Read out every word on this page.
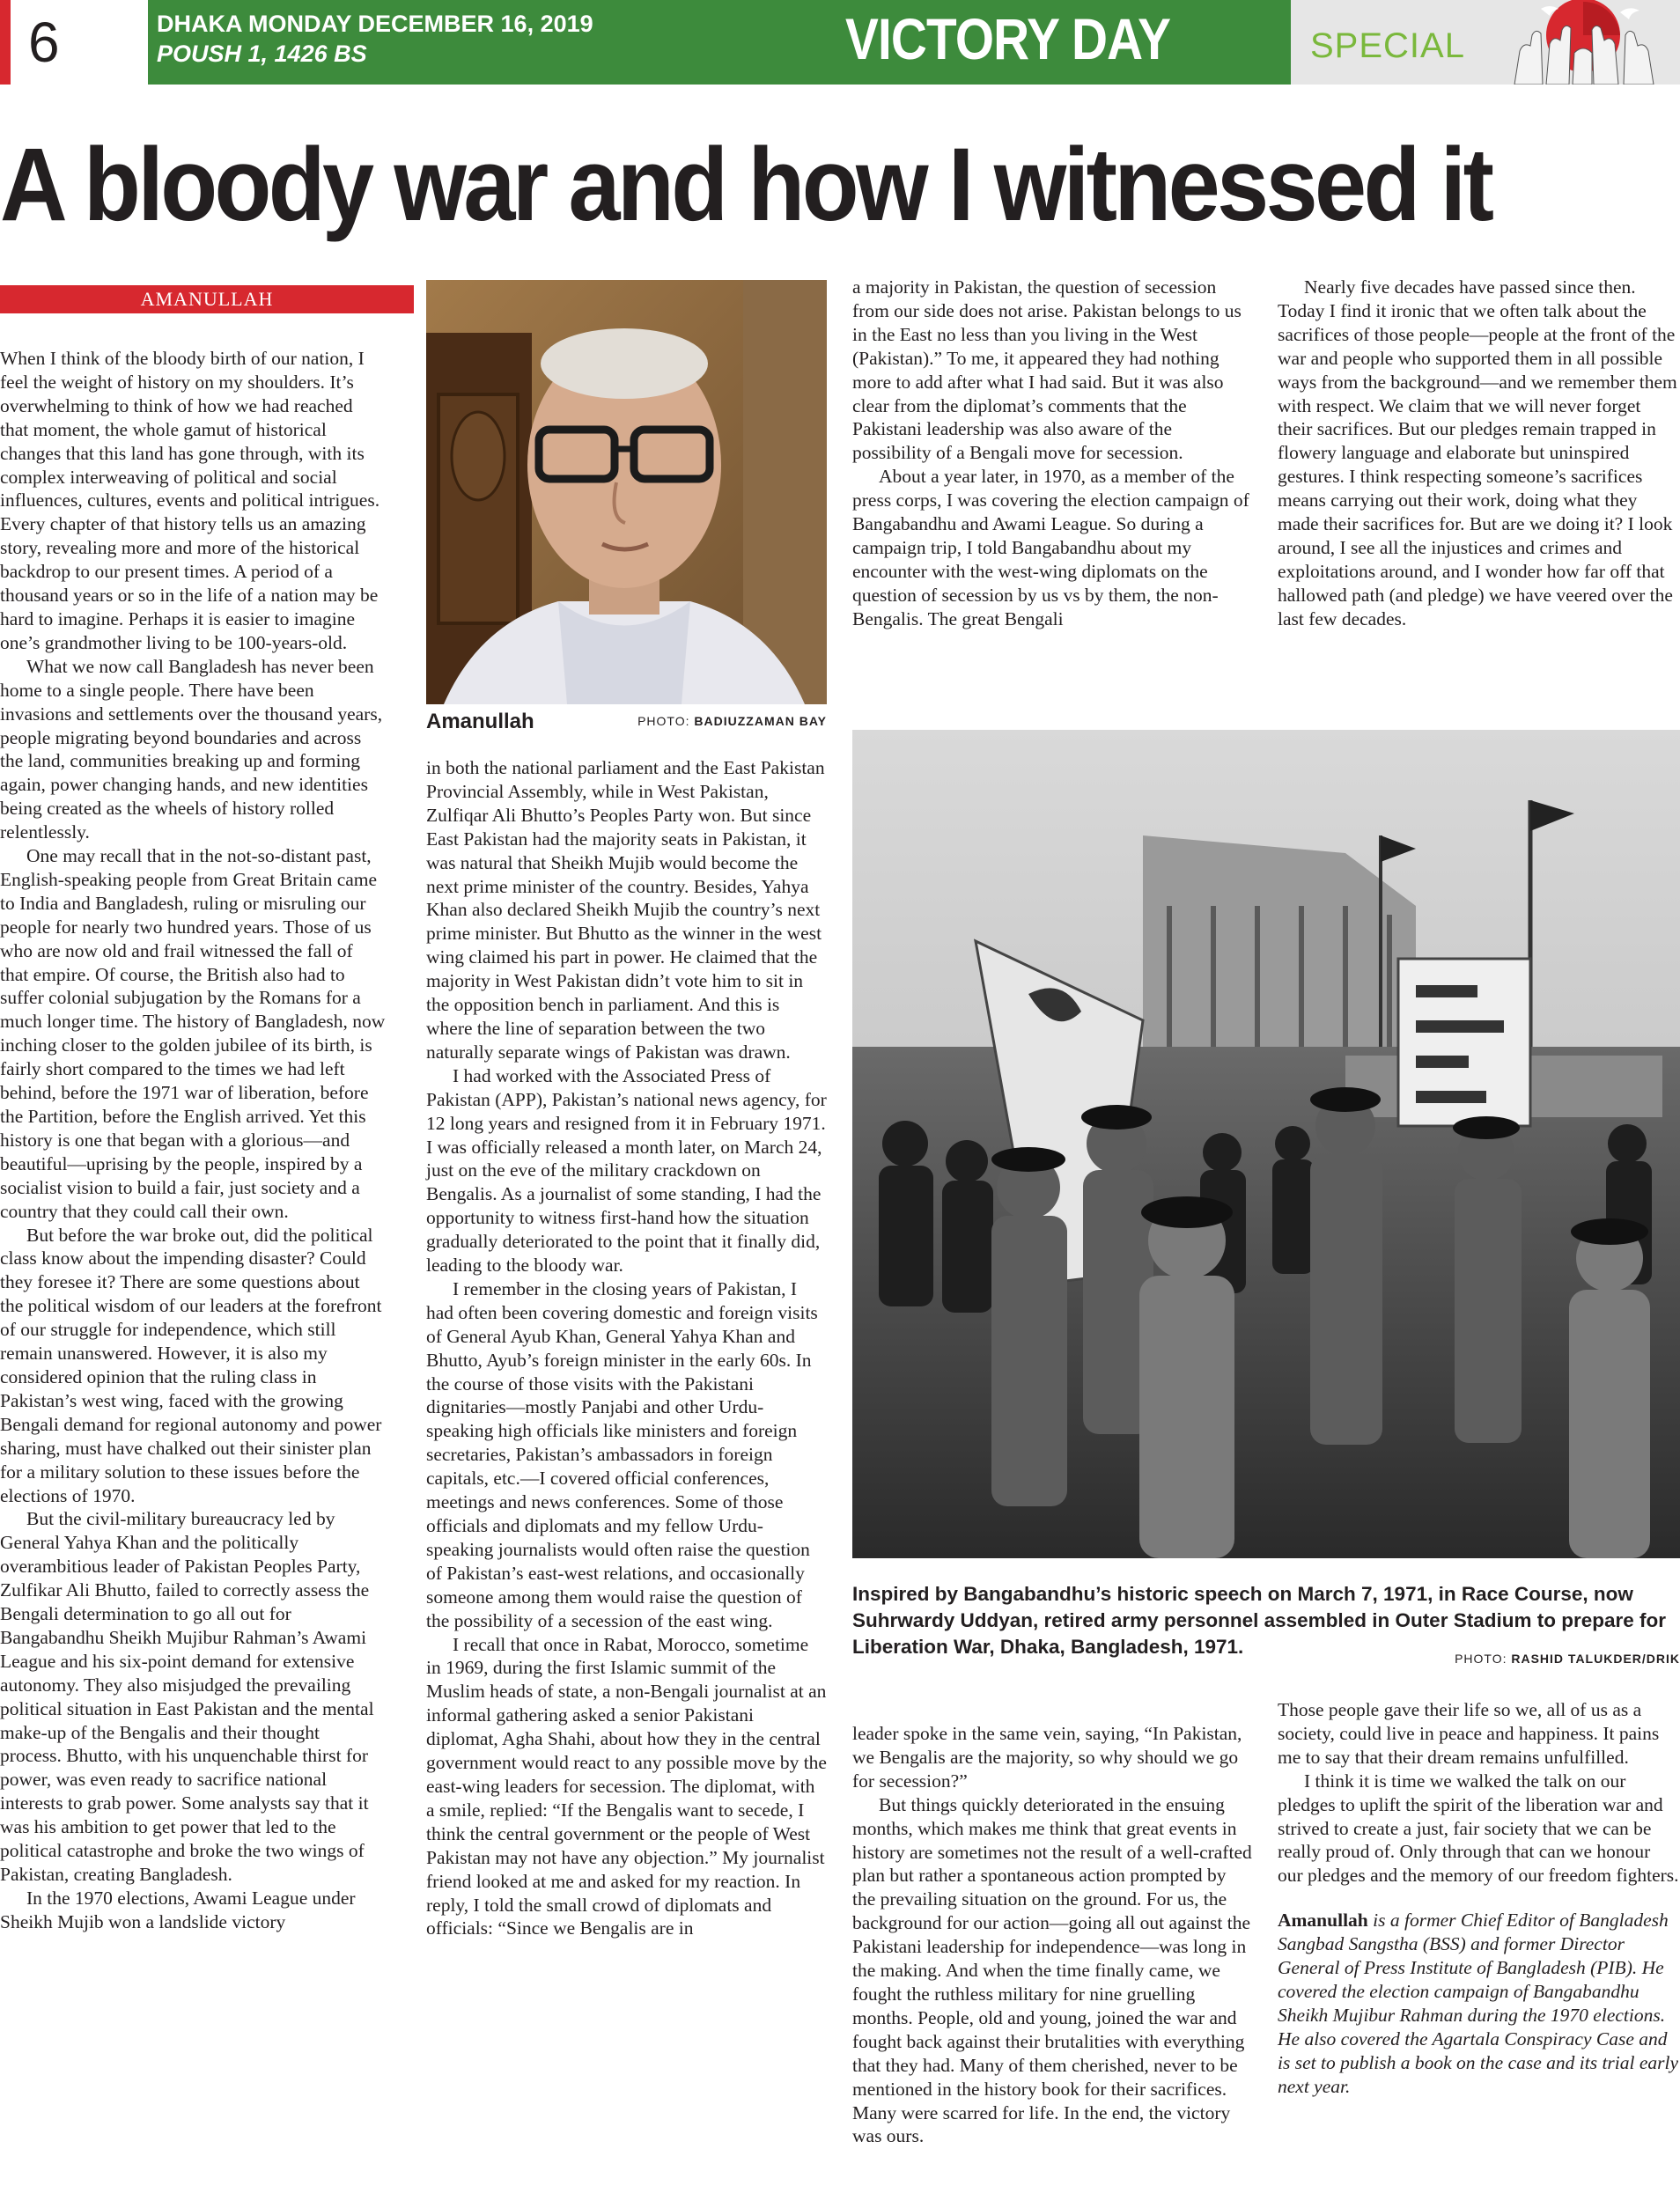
6	DHAKA MONDAY DECEMBER 16, 2019
POUSH 1, 1426 BS	VICTORY DAY	SPECIAL
A bloody war and how I witnessed it
AMANULLAH

When I think of the bloody birth of our nation, I feel the weight of history on my shoulders. It’s overwhelming to think of how we had reached that moment, the whole gamut of historical changes that this land has gone through, with its complex interweaving of political and social influences, cultures, events and political intrigues. Every chapter of that history tells us an amazing story, revealing more and more of the historical backdrop to our present times. A period of a thousand years or so in the life of a nation may be hard to imagine. Perhaps it is easier to imagine one’s grandmother living to be 100-years-old.

What we now call Bangladesh has never been home to a single people. There have been invasions and settlements over the thousand years, people migrating beyond boundaries and across the land, communities breaking up and forming again, power changing hands, and new identities being created as the wheels of history rolled relentlessly.

One may recall that in the not-so-distant past, English-speaking people from Great Britain came to India and Bangladesh, ruling or misruling our people for nearly two hundred years. Those of us who are now old and frail witnessed the fall of that empire. Of course, the British also had to suffer colonial subjugation by the Romans for a much longer time. The history of Bangladesh, now inching closer to the golden jubilee of its birth, is fairly short compared to the times we had left behind, before the 1971 war of liberation, before the Partition, before the English arrived. Yet this history is one that began with a glorious—and beautiful—uprising by the people, inspired by a socialist vision to build a fair, just society and a country that they could call their own.

But before the war broke out, did the political class know about the impending disaster? Could they foresee it? There are some questions about the political wisdom of our leaders at the forefront of our struggle for independence, which still remain unanswered. However, it is also my considered opinion that the ruling class in Pakistan’s west wing, faced with the growing Bengali demand for regional autonomy and power sharing, must have chalked out their sinister plan for a military solution to these issues before the elections of 1970.

But the civil-military bureaucracy led by General Yahya Khan and the politically overambitious leader of Pakistan Peoples Party, Zulfikar Ali Bhutto, failed to correctly assess the Bengali determination to go all out for Bangabandhu Sheikh Mujibur Rahman’s Awami League and his six-point demand for extensive autonomy. They also misjudged the prevailing political situation in East Pakistan and the mental make-up of the Bengalis and their thought process. Bhutto, with his unquenchable thirst for power, was even ready to sacrifice national interests to grab power. Some analysts say that it was his ambition to get power that led to the political catastrophe and broke the two wings of Pakistan, creating Bangladesh.

In the 1970 elections, Awami League under Sheikh Mujib won a landslide victory

Amanullah	PHOTO: BADIUZZAMAN BAY

in both the national parliament and the East Pakistan Provincial Assembly, while in West Pakistan, Zulfiqar Ali Bhutto’s Peoples Party won. But since East Pakistan had the majority seats in Pakistan, it was natural that Sheikh Mujib would become the next prime minister of the country. Besides, Yahya Khan also declared Sheikh Mujib the country’s next prime minister. But Bhutto as the winner in the west wing claimed his part in power. He claimed that the majority in West Pakistan didn’t vote him to sit in the opposition bench in parliament. And this is where the line of separation between the two naturally separate wings of Pakistan was drawn.

I had worked with the Associated Press of Pakistan (APP), Pakistan’s national news agency, for 12 long years and resigned from it in February 1971. I was officially released a month later, on March 24, just on the eve of the military crackdown on Bengalis. As a journalist of some standing, I had the opportunity to witness first-hand how the situation gradually deteriorated to the point that it finally did, leading to the bloody war.

I remember in the closing years of Pakistan, I had often been covering domestic and foreign visits of General Ayub Khan, General Yahya Khan and Bhutto, Ayub’s foreign minister in the early 60s. In the course of those visits with the Pakistani dignitaries—mostly Panjabi and other Urdu-speaking high officials like ministers and foreign secretaries, Pakistan’s ambassadors in foreign capitals, etc.—I covered official conferences, meetings and news conferences. Some of those officials and diplomats and my fellow Urdu-speaking journalists would often raise the question of Pakistan’s east-west relations, and occasionally someone among them would raise the question of the possibility of a secession of the east wing.

I recall that once in Rabat, Morocco, sometime in 1969, during the first Islamic summit of the Muslim heads of state, a non-Bengali journalist at an informal gathering asked a senior Pakistani diplomat, Agha Shahi, about how they in the central government would react to any possible move by the east-wing leaders for secession. The diplomat, with a smile, replied: “If the Bengalis want to secede, I think the central government or the people of West Pakistan may not have any objection.” My journalist friend looked at me and asked for my reaction. In reply, I told the small crowd of diplomats and officials: “Since we Bengalis are in

a majority in Pakistan, the question of secession from our side does not arise. Pakistan belongs to us in the East no less than you living in the West (Pakistan).” To me, it appeared they had nothing more to add after what I had said. But it was also clear from the diplomat’s comments that the Pakistani leadership was also aware of the possibility of a Bengali move for secession.

About a year later, in 1970, as a member of the press corps, I was covering the election campaign of Bangabandhu and Awami League. So during a campaign trip, I told Bangabandhu about my encounter with the west-wing diplomats on the question of secession by us vs by them, the non-Bengalis. The great Bengali

Nearly five decades have passed since then. Today I find it ironic that we often talk about the sacrifices of those people—people at the front of the war and people who supported them in all possible ways from the background—and we remember them with respect. We claim that we will never forget their sacrifices. But our pledges remain trapped in flowery language and elaborate but uninspired gestures. I think respecting someone’s sacrifices means carrying out their work, doing what they made their sacrifices for. But are we doing it? I look around, I see all the injustices and crimes and exploitations around, and I wonder how far off that hallowed path (and pledge) we have veered over the last few decades.

Inspired by Bangabandhu’s historic speech on March 7, 1971, in Race Course, now Suhrwardy Uddyan, retired army personnel assembled in Outer Stadium to prepare for Liberation War, Dhaka, Bangladesh, 1971.
PHOTO: RASHID TALUKDER/DRIK

leader spoke in the same vein, saying, “In Pakistan, we Bengalis are the majority, so why should we go for secession?”

But things quickly deteriorated in the ensuing months, which makes me think that great events in history are sometimes not the result of a well-crafted plan but rather a spontaneous action prompted by the prevailing situation on the ground. For us, the background for our action—going all out against the Pakistani leadership for independence—was long in the making. And when the time finally came, we fought the ruthless military for nine gruelling months. People, old and young, joined the war and fought back against their brutalities with everything that they had. Many of them cherished, never to be mentioned in the history book for their sacrifices. Many were scarred for life. In the end, the victory was ours.

Those people gave their life so we, all of us as a society, could live in peace and happiness. It pains me to say that their dream remains unfulfilled.

I think it is time we walked the talk on our pledges to uplift the spirit of the liberation war and strived to create a just, fair society that we can be really proud of. Only through that can we honour our pledges and the memory of our freedom fighters.

Amanullah is a former Chief Editor of Bangladesh Sangbad Sangstha (BSS) and former Director General of Press Institute of Bangladesh (PIB). He covered the election campaign of Bangabandhu Sheikh Mujibur Rahman during the 1970 elections. He also covered the Agartala Conspiracy Case and is set to publish a book on the case and its trial early next year.
